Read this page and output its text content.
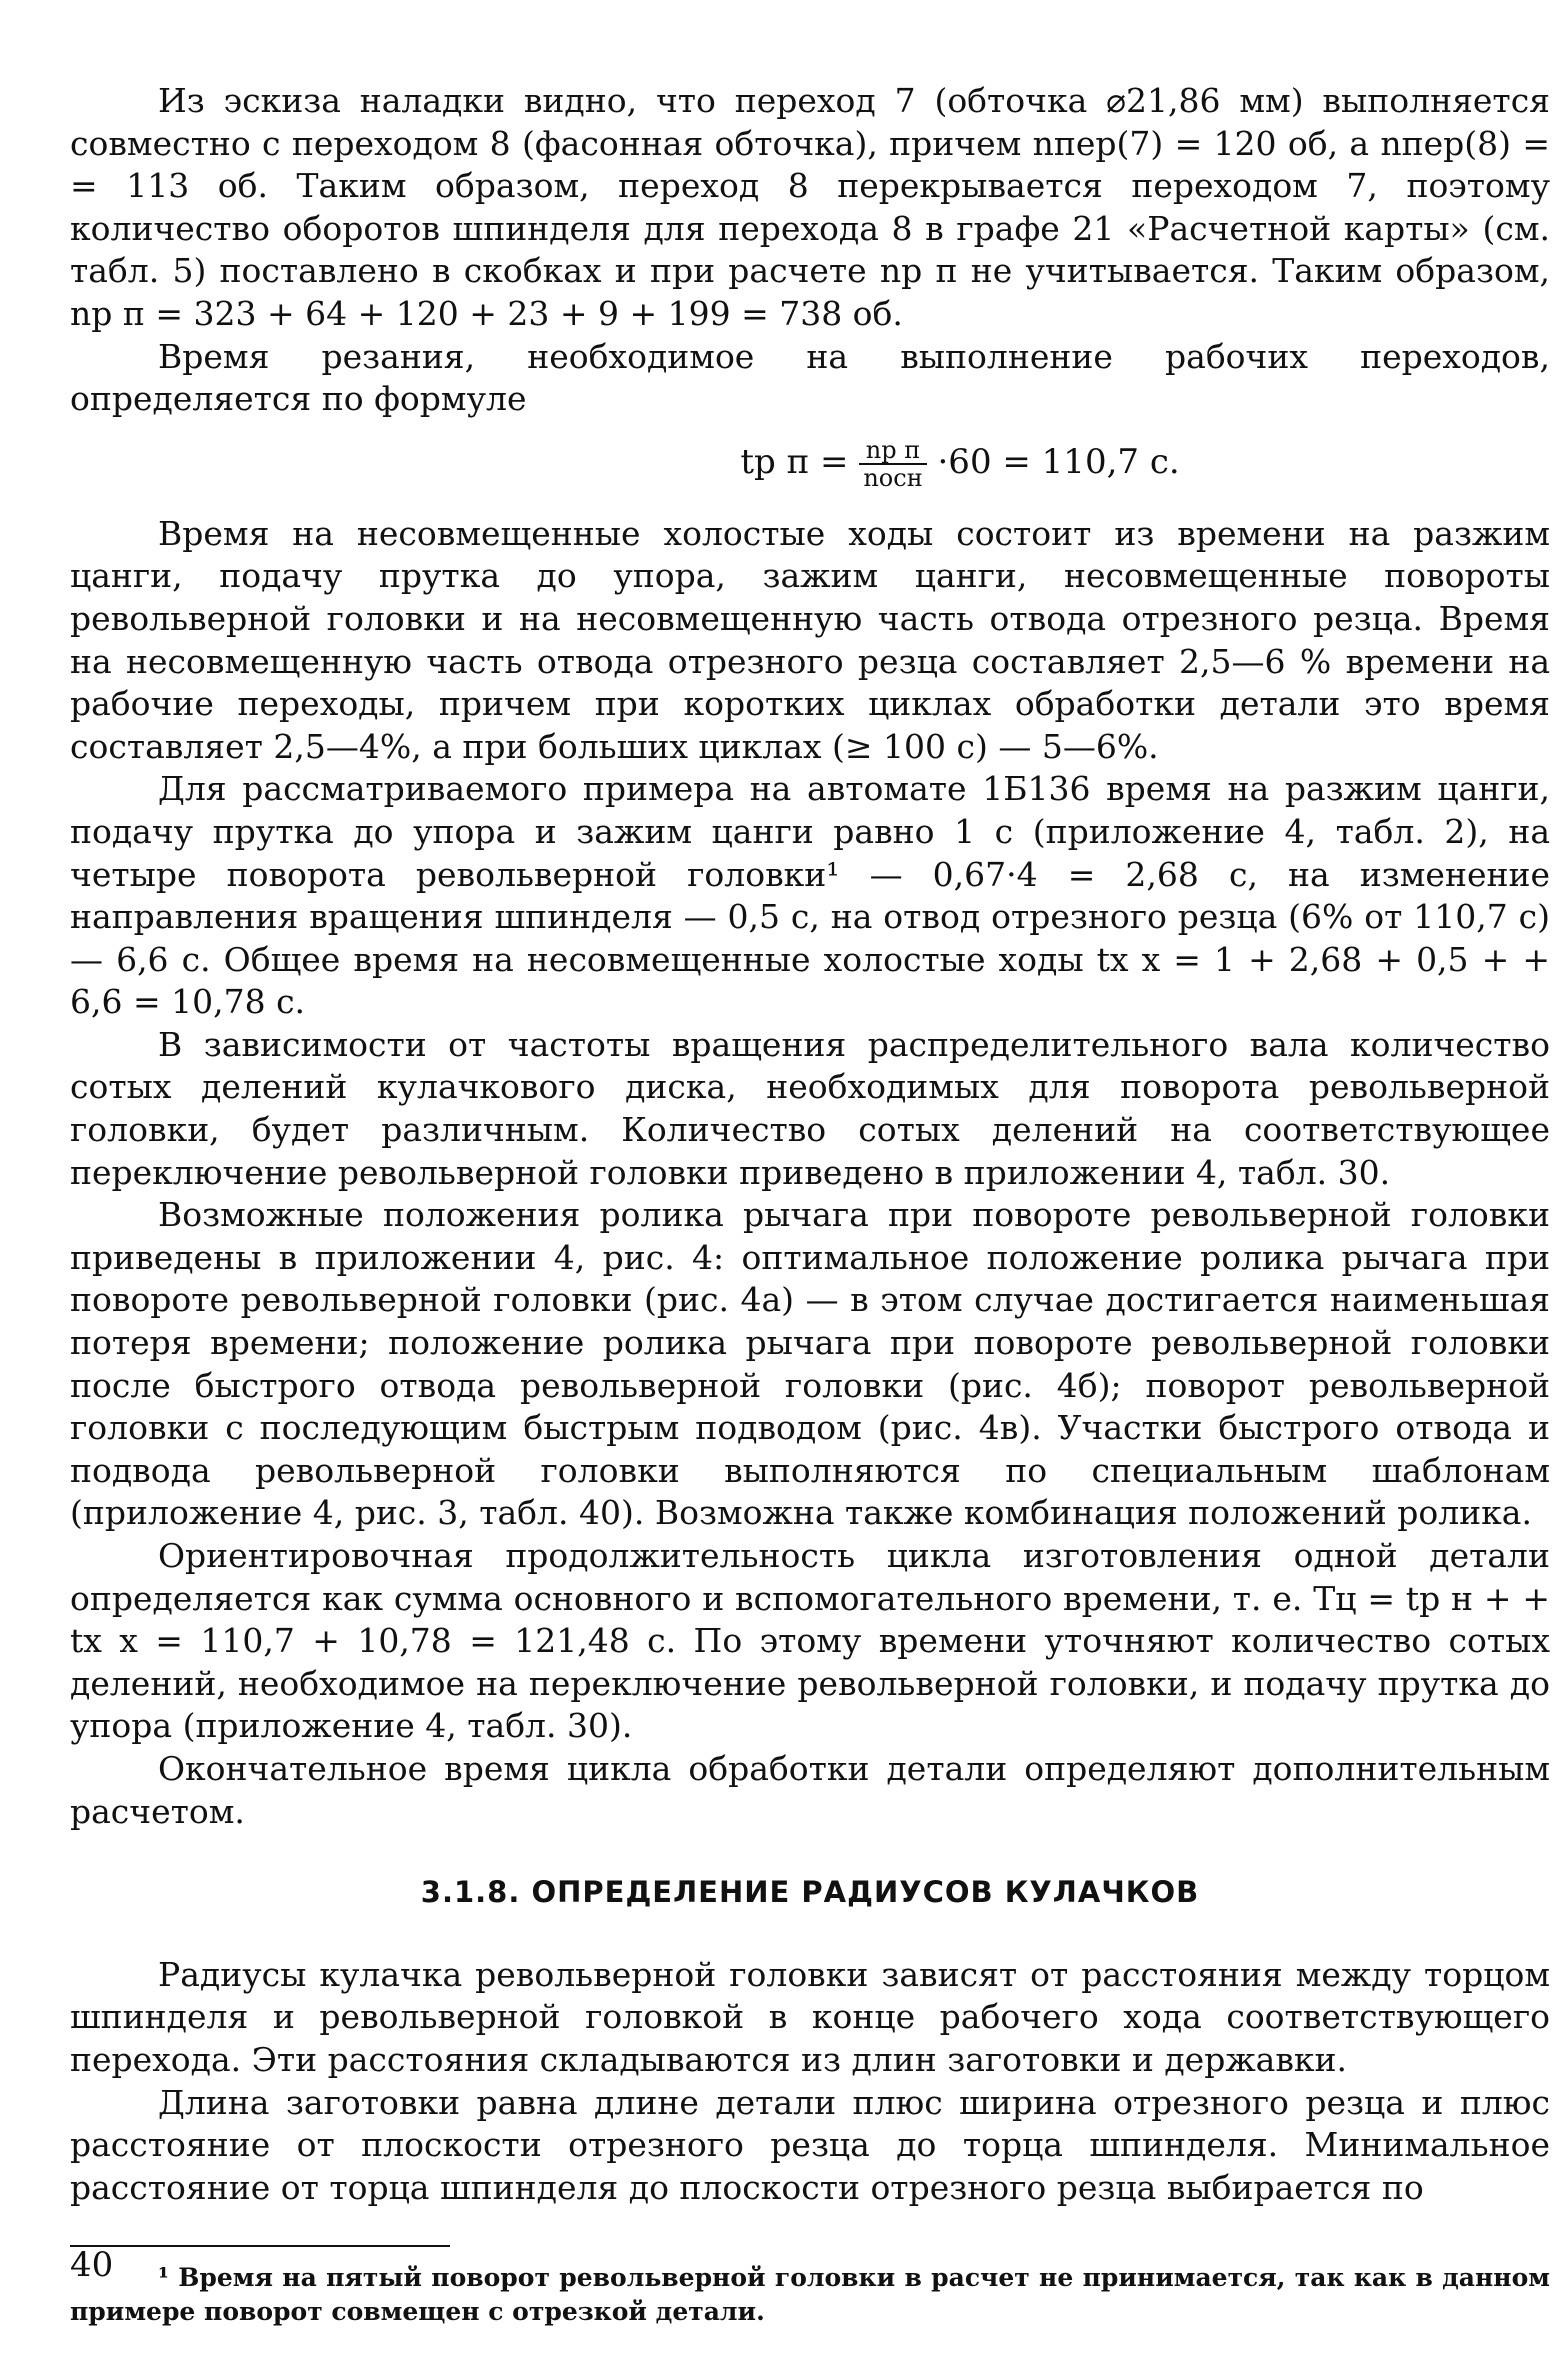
Из эскиза наладки видно, что переход 7 (обточка ⌀21,86 мм) выполняется совместно с переходом 8 (фасонная обточка), причем nпер(7) = 120 об, а nпер(8) = = 113 об. Таким образом, переход 8 перекрывается переходом 7, поэтому количество оборотов шпинделя для перехода 8 в графе 21 «Расчетной карты» (см. табл. 5) поставлено в скобках и при расчете nр п не учитывается. Таким образом, nр п = 323 + 64 + 120 + 23 + 9 + 199 = 738 об.

Время резания, необходимое на выполнение рабочих переходов, определяется по формуле

tр $п = \frac{\text{nр п}}{\text{nосн}} \cdot 60 = 110,7$ с.

Время на несовмещенные холостые ходы состоит из времени на разжим цанги, подачу прутка до упора, зажим цанги, несовмещенные повороты револьверной головки и на несовмещенную часть отвода отрезного резца. Время на несовмещенную часть отвода отрезного резца составляет 2,5—6 % времени на рабочие переходы, причем при коротких циклах обработки детали это время составляет 2,5—4%, а при больших циклах (≥ 100 с) — 5—6%.

Для рассматриваемого примера на автомате 1Б136 время на разжим цанги, подачу прутка до упора и зажим цанги равно 1 с (приложение 4, табл. 2), на четыре поворота револьверной головки¹ — 0,67·4 = 2,68 с, на изменение направления вращения шпинделя — 0,5 с, на отвод отрезного резца (6% от 110,7 с) — 6,6 с. Общее время на несовмещенные холостые ходы tх х = 1 + 2,68 + 0,5 + + 6,6 = 10,78 с.

В зависимости от частоты вращения распределительного вала количество сотых делений кулачкового диска, необходимых для поворота револьверной головки, будет различным. Количество сотых делений на соответствующее переключение револьверной головки приведено в приложении 4, табл. 30.

Возможные положения ролика рычага при повороте револьверной головки приведены в приложении 4, рис. 4: оптимальное положение ролика рычага при повороте револьверной головки (рис. 4а) — в этом случае достигается наименьшая потеря времени; положение ролика рычага при повороте револьверной головки после быстрого отвода револьверной головки (рис. 4б); поворот револьверной головки с последующим быстрым подводом (рис. 4в). Участки быстрого отвода и подвода револьверной головки выполняются по специальным шаблонам (приложение 4, рис. 3, табл. 40). Возможна также комбинация положений ролика.

Ориентировочная продолжительность цикла изготовления одной детали определяется как сумма основного и вспомогательного времени, т. е. Tц = tр н + + tх х = 110,7 + 10,78 = 121,48 с. По этому времени уточняют количество сотых делений, необходимое на переключение револьверной головки, и подачу прутка до упора (приложение 4, табл. 30).

Окончательное время цикла обработки детали определяют дополнительным расчетом.

3.1.8. ОПРЕДЕЛЕНИЕ РАДИУСОВ КУЛАЧКОВ

Радиусы кулачка револьверной головки зависят от расстояния между торцом шпинделя и револьверной головкой в конце рабочего хода соответствующего перехода. Эти расстояния складываются из длин заготовки и державки.

Длина заготовки равна длине детали плюс ширина отрезного резца и плюс расстояние от плоскости отрезного резца до торца шпинделя. Минимальное расстояние от торца шпинделя до плоскости отрезного резца выбирается по

¹ Время на пятый поворот револьверной головки в расчет не принимается, так как в данном примере поворот совмещен с отрезкой детали.

40
